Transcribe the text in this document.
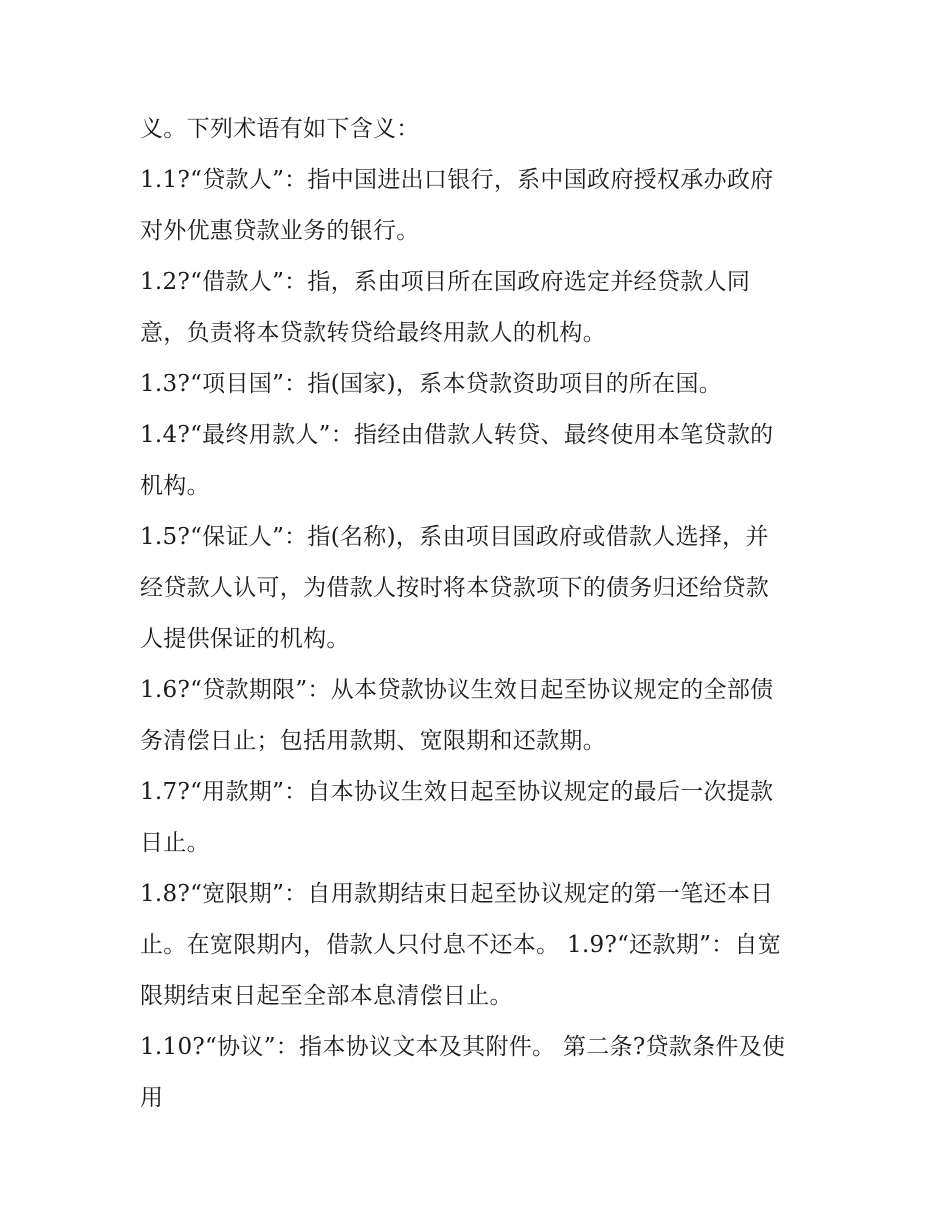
义。下列术语有如下含义：
1.1?“贷款人”：指中国进出口银行，系中国政府授权承办政府
对外优惠贷款业务的银行。
1.2?“借款人”：指，系由项目所在国政府选定并经贷款人同
意，负责将本贷款转贷给最终用款人的机构。
1.3?“项目国”：指(国家)，系本贷款资助项目的所在国。
1.4?“最终用款人”：指经由借款人转贷、最终使用本笔贷款的
机构。
1.5?“保证人”：指(名称)，系由项目国政府或借款人选择，并
经贷款人认可，为借款人按时将本贷款项下的债务归还给贷款
人提供保证的机构。
1.6?“贷款期限”：从本贷款协议生效日起至协议规定的全部债
务清偿日止；包括用款期、宽限期和还款期。
1.7?“用款期”：自本协议生效日起至协议规定的最后一次提款
日止。
1.8?“宽限期”：自用款期结束日起至协议规定的第一笔还本日
止。在宽限期内，借款人只付息不还本。 1.9?“还款期”：自宽
限期结束日起至全部本息清偿日止。
1.10?“协议”：指本协议文本及其附件。 第二条?贷款条件及使
用
